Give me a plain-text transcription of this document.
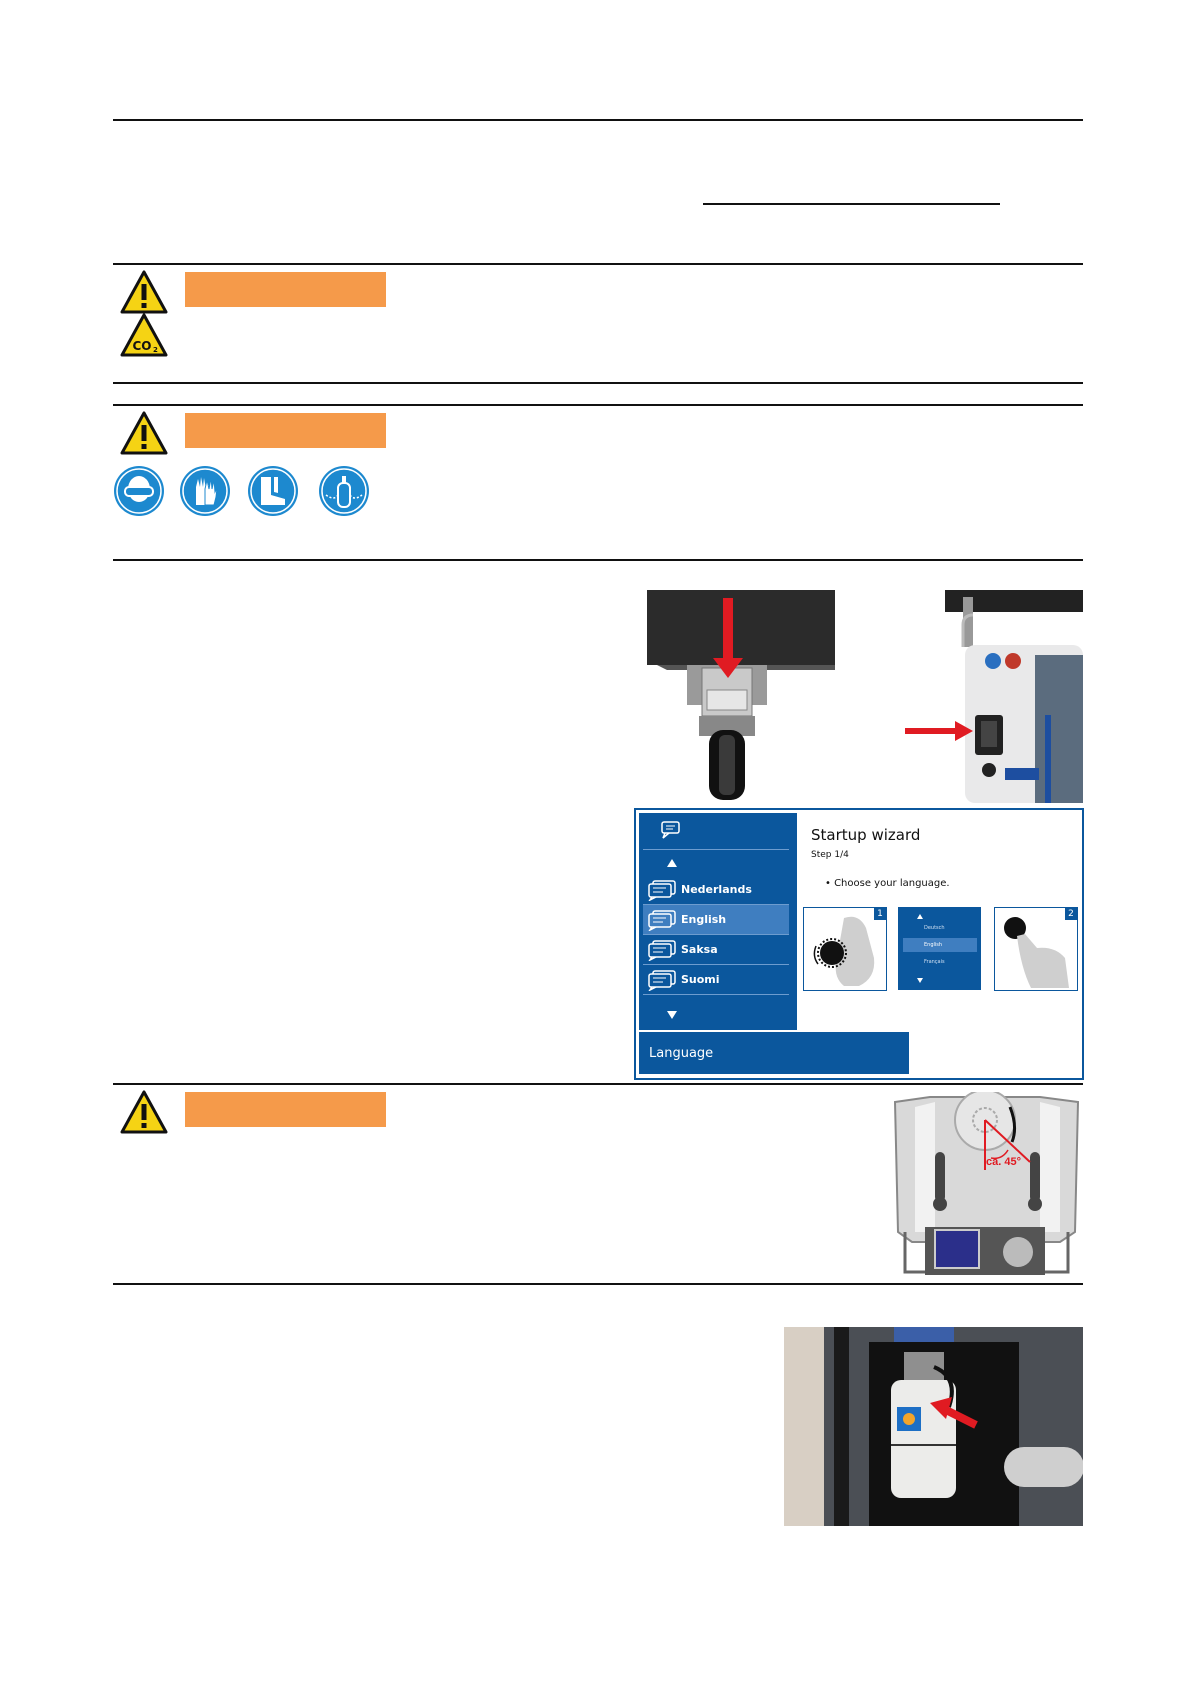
CO 2
Nederlands
English
Saksa
Suomi
Startup wizard
Step 1/4
• Choose your language.
1
Deutsch
English
Français
2
Language
ca. 45°
